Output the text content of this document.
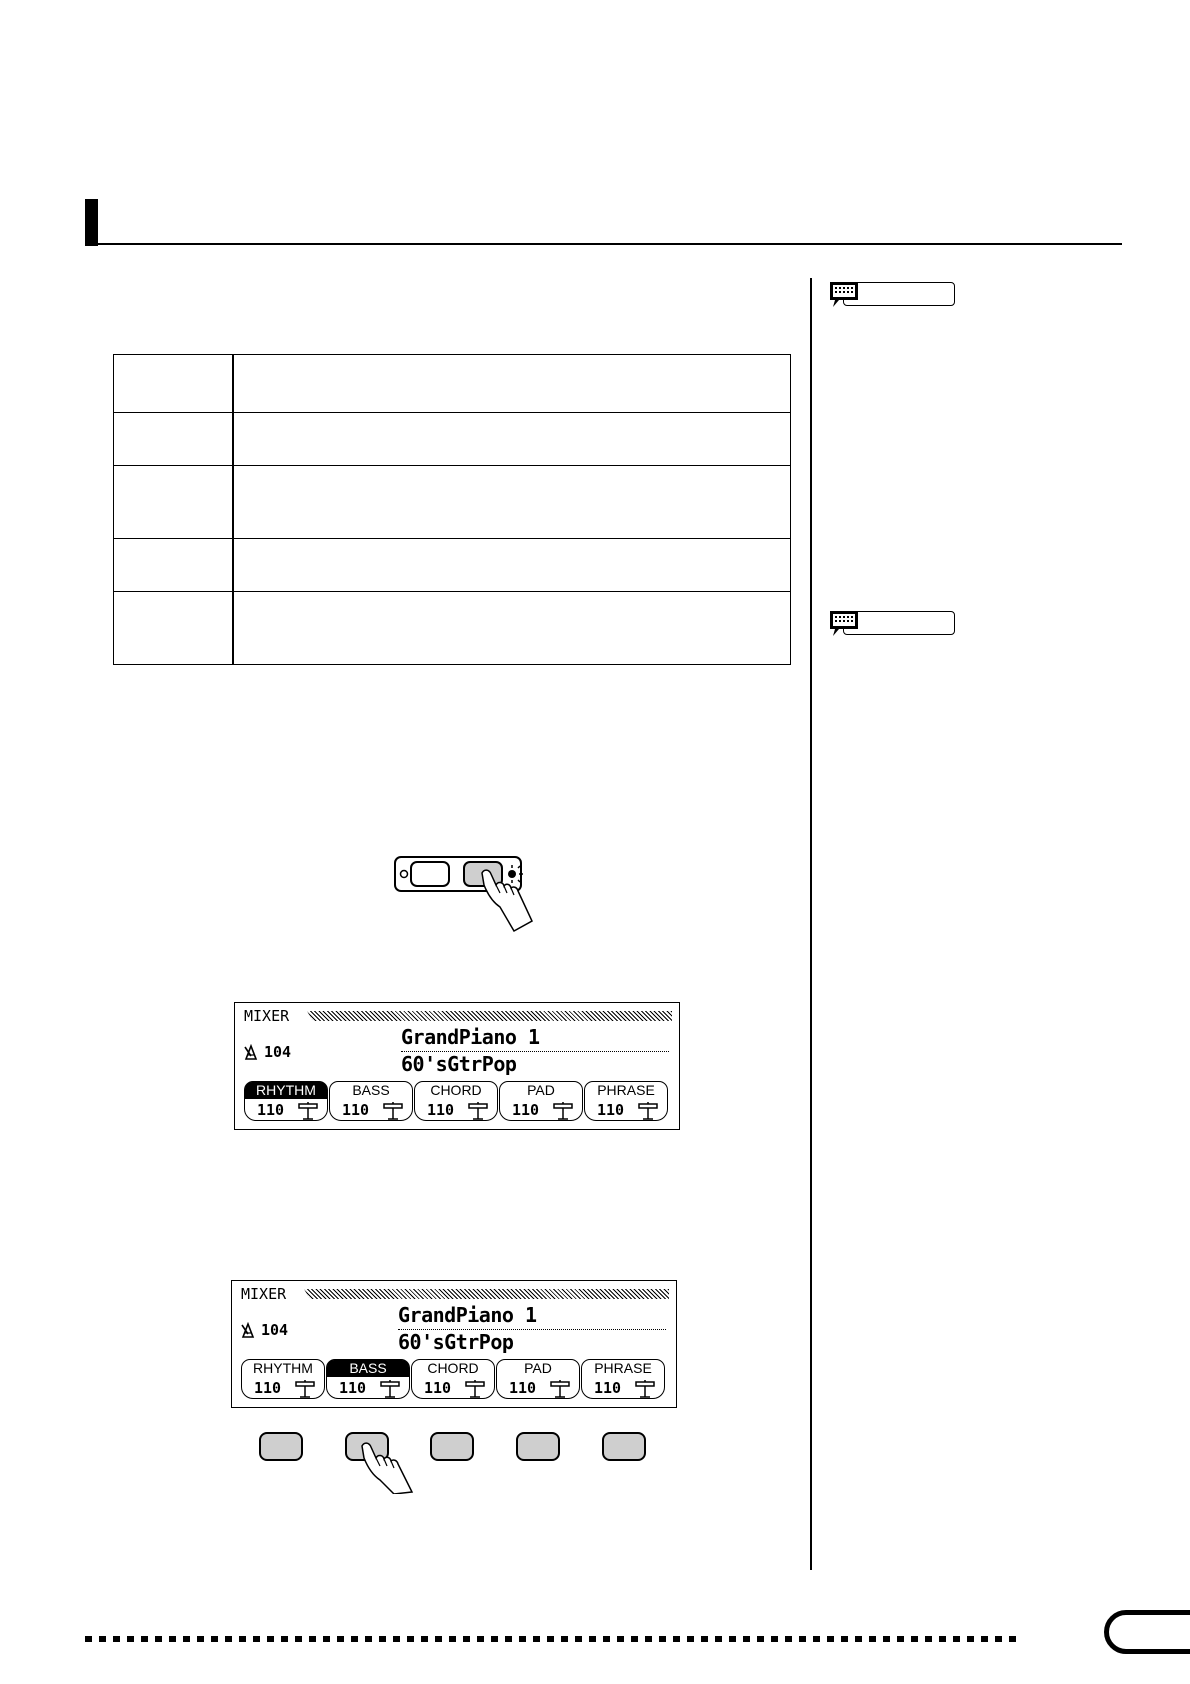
MIXER
104
GrandPiano 1
60'sGtrPop
RHYTHM
110
BASS
110
CHORD
110
PAD
110
PHRASE
110
MIXER
104
GrandPiano 1
60'sGtrPop
RHYTHM
110
BASS
110
CHORD
110
PAD
110
PHRASE
110
